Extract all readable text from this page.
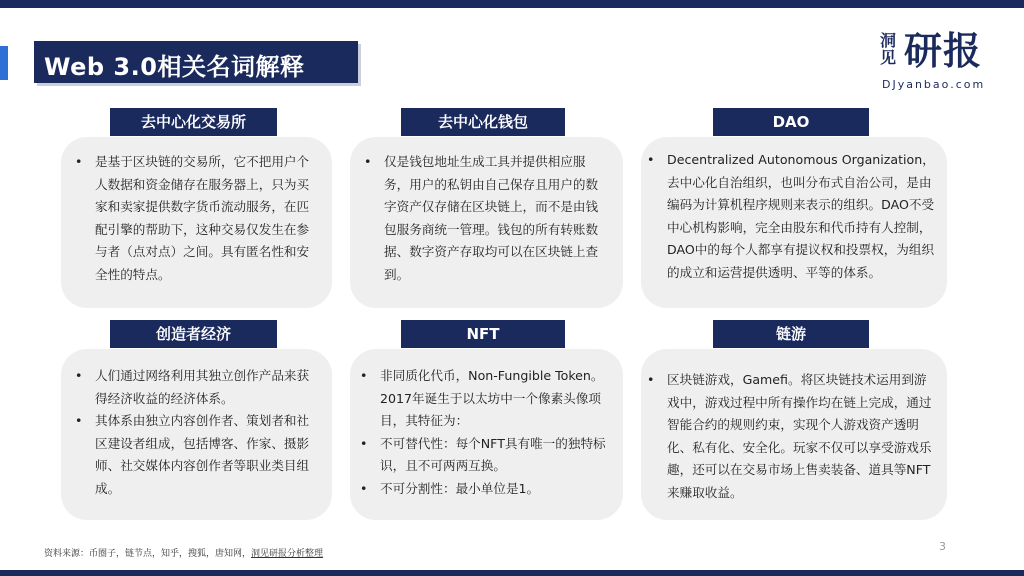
Web 3.0相关名词解释
洞见 研报
DJyanbao.com
• 是基于区块链的交易所，它不把用户个人数据和资金储存在服务器上，只为买家和卖家提供数字货币流动服务，在匹配引擎的帮助下，这种交易仅发生在参与者（点对点）之间。具有匿名性和安全性的特点。
去中心化交易所
• 仅是钱包地址生成工具并提供相应服务，用户的私钥由自己保存且用户的数字资产仅存储在区块链上，而不是由钱包服务商统一管理。钱包的所有转账数据、数字资产存取均可以在区块链上查到。
去中心化钱包
• Decentralized Autonomous Organization，去中心化自治组织，也叫分布式自治公司，是由编码为计算机程序规则来表示的组织。DAO不受中心机构影响，完全由股东和代币持有人控制，DAO中的每个人都享有提议权和投票权，为组织的成立和运营提供透明、平等的体系。
DAO
• 人们通过网络利用其独立创作产品来获得经济收益的经济体系。
• 其体系由独立内容创作者、策划者和社区建设者组成，包括博客、作家、摄影师、社交媒体内容创作者等职业类目组成。
创造者经济
• 非同质化代币，Non-Fungible Token。2017年诞生于以太坊中一个像素头像项目，其特征为：
• 不可替代性：每个NFT具有唯一的独特标识，且不可两两互换。
• 不可分割性：最小单位是1。
NFT
• 区块链游戏，Gamefi。将区块链技术运用到游戏中，游戏过程中所有操作均在链上完成，通过智能合约的规则约束，实现个人游戏资产透明化、私有化、安全化。玩家不仅可以享受游戏乐趣，还可以在交易市场上售卖装备、道具等NFT来赚取收益。
链游
资料来源：币圈子，链节点，知乎，搜狐，唐知网，洞见研报分析整理
3
